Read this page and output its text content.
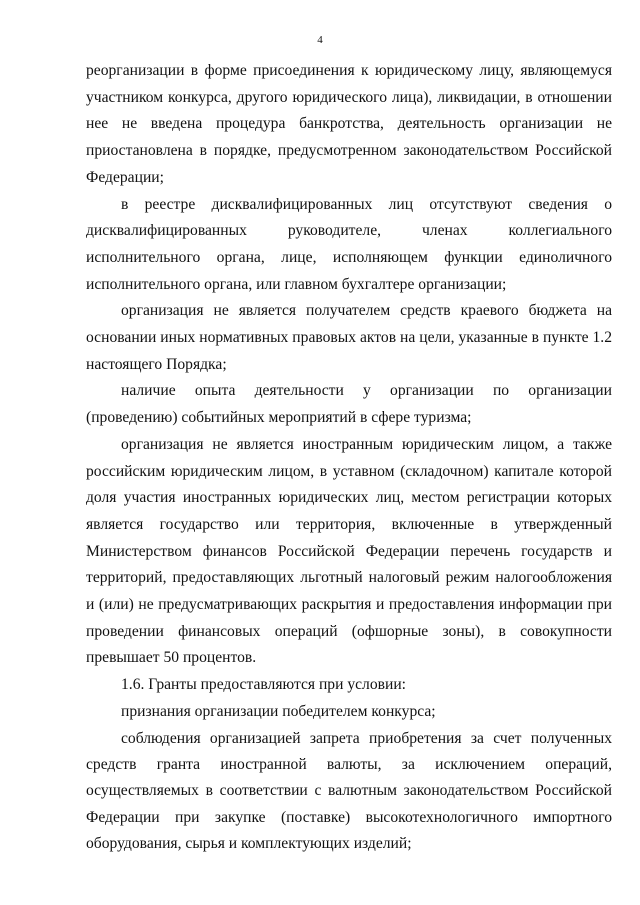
4

реорганизации в форме присоединения к юридическому лицу, являющемуся участником конкурса, другого юридического лица), ликвидации, в отношении нее не введена процедура банкротства, деятельность организации не приостановлена в порядке, предусмотренном законодательством Российской Федерации;

в реестре дисквалифицированных лиц отсутствуют сведения о дисквалифицированных руководителе, членах коллегиального исполнительного органа, лице, исполняющем функции единоличного исполнительного органа, или главном бухгалтере организации;

организация не является получателем средств краевого бюджета на основании иных нормативных правовых актов на цели, указанные в пункте 1.2 настоящего Порядка;

наличие опыта деятельности у организации по организации (проведению) событийных мероприятий в сфере туризма;

организация не является иностранным юридическим лицом, а также российским юридическим лицом, в уставном (складочном) капитале которой доля участия иностранных юридических лиц, местом регистрации которых является государство или территория, включенные в утвержденный Министерством финансов Российской Федерации перечень государств и территорий, предоставляющих льготный налоговый режим налогообложения и (или) не предусматривающих раскрытия и предоставления информации при проведении финансовых операций (офшорные зоны), в совокупности превышает 50 процентов.

1.6. Гранты предоставляются при условии:

признания организации победителем конкурса;

соблюдения организацией запрета приобретения за счет полученных средств гранта иностранной валюты, за исключением операций, осуществляемых в соответствии с валютным законодательством Российской Федерации при закупке (поставке) высокотехнологичного импортного оборудования, сырья и комплектующих изделий;
